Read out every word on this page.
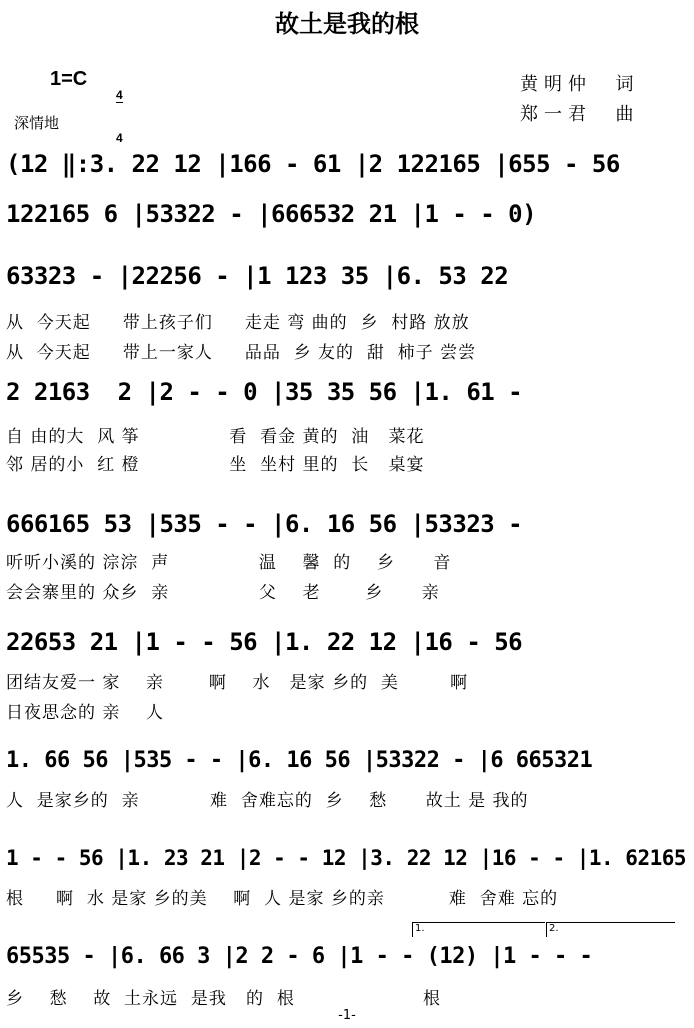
故土是我的根
1=C

4

4

深情地
黄明仲  词
郑一君  曲
(12 ‖:3. 22 12 |166 - 61 |2 122165 |655 - 56
122165 6 |53322 - |666532 21 |1 - - 0)
63323 - |22256 - |1 123 35 |6. 53 22
从  今天起     带上孩子们     走走 弯 曲的  乡  村路 放放
从  今天起     带上一家人     品品  乡 友的  甜  柿子 尝尝
2 2163  2 |2 - - 0 |35 35 56 |1. 61 -
自 由的大  风 筝              看  看金 黄的  油   菜花
邻 居的小  红 橙              坐  坐村 里的  长   桌宴
666165 53 |535 - - |6. 16 56 |53323 -
听听小溪的 淙淙  声              温    馨  的    乡      音
会会寨里的 众乡  亲              父    老       乡      亲
22653 21 |1 - - 56 |1. 22 12 |16 - 56
团结友爱一 家    亲       啊    水   是家 乡的  美        啊
日夜思念的 亲    人
1. 66 56 |535 - - |6. 16 56 |53322 - |6 665321
人  是家乡的  亲           难  舍难忘的  乡    愁      故土 是 我的
1 - - 56 |1. 23 21 |2 - - 12 |3. 22 12 |16 - - |1. 62165
根     啊  水 是家 乡的美    啊  人 是家 乡的亲          难  舍难 忘的
65535 - |6. 66 3 |2 2 - 6 |1 - - (12) |1 - - -
乡    愁    故  土永远  是我   的  根                    根
1.	2.
-1-
